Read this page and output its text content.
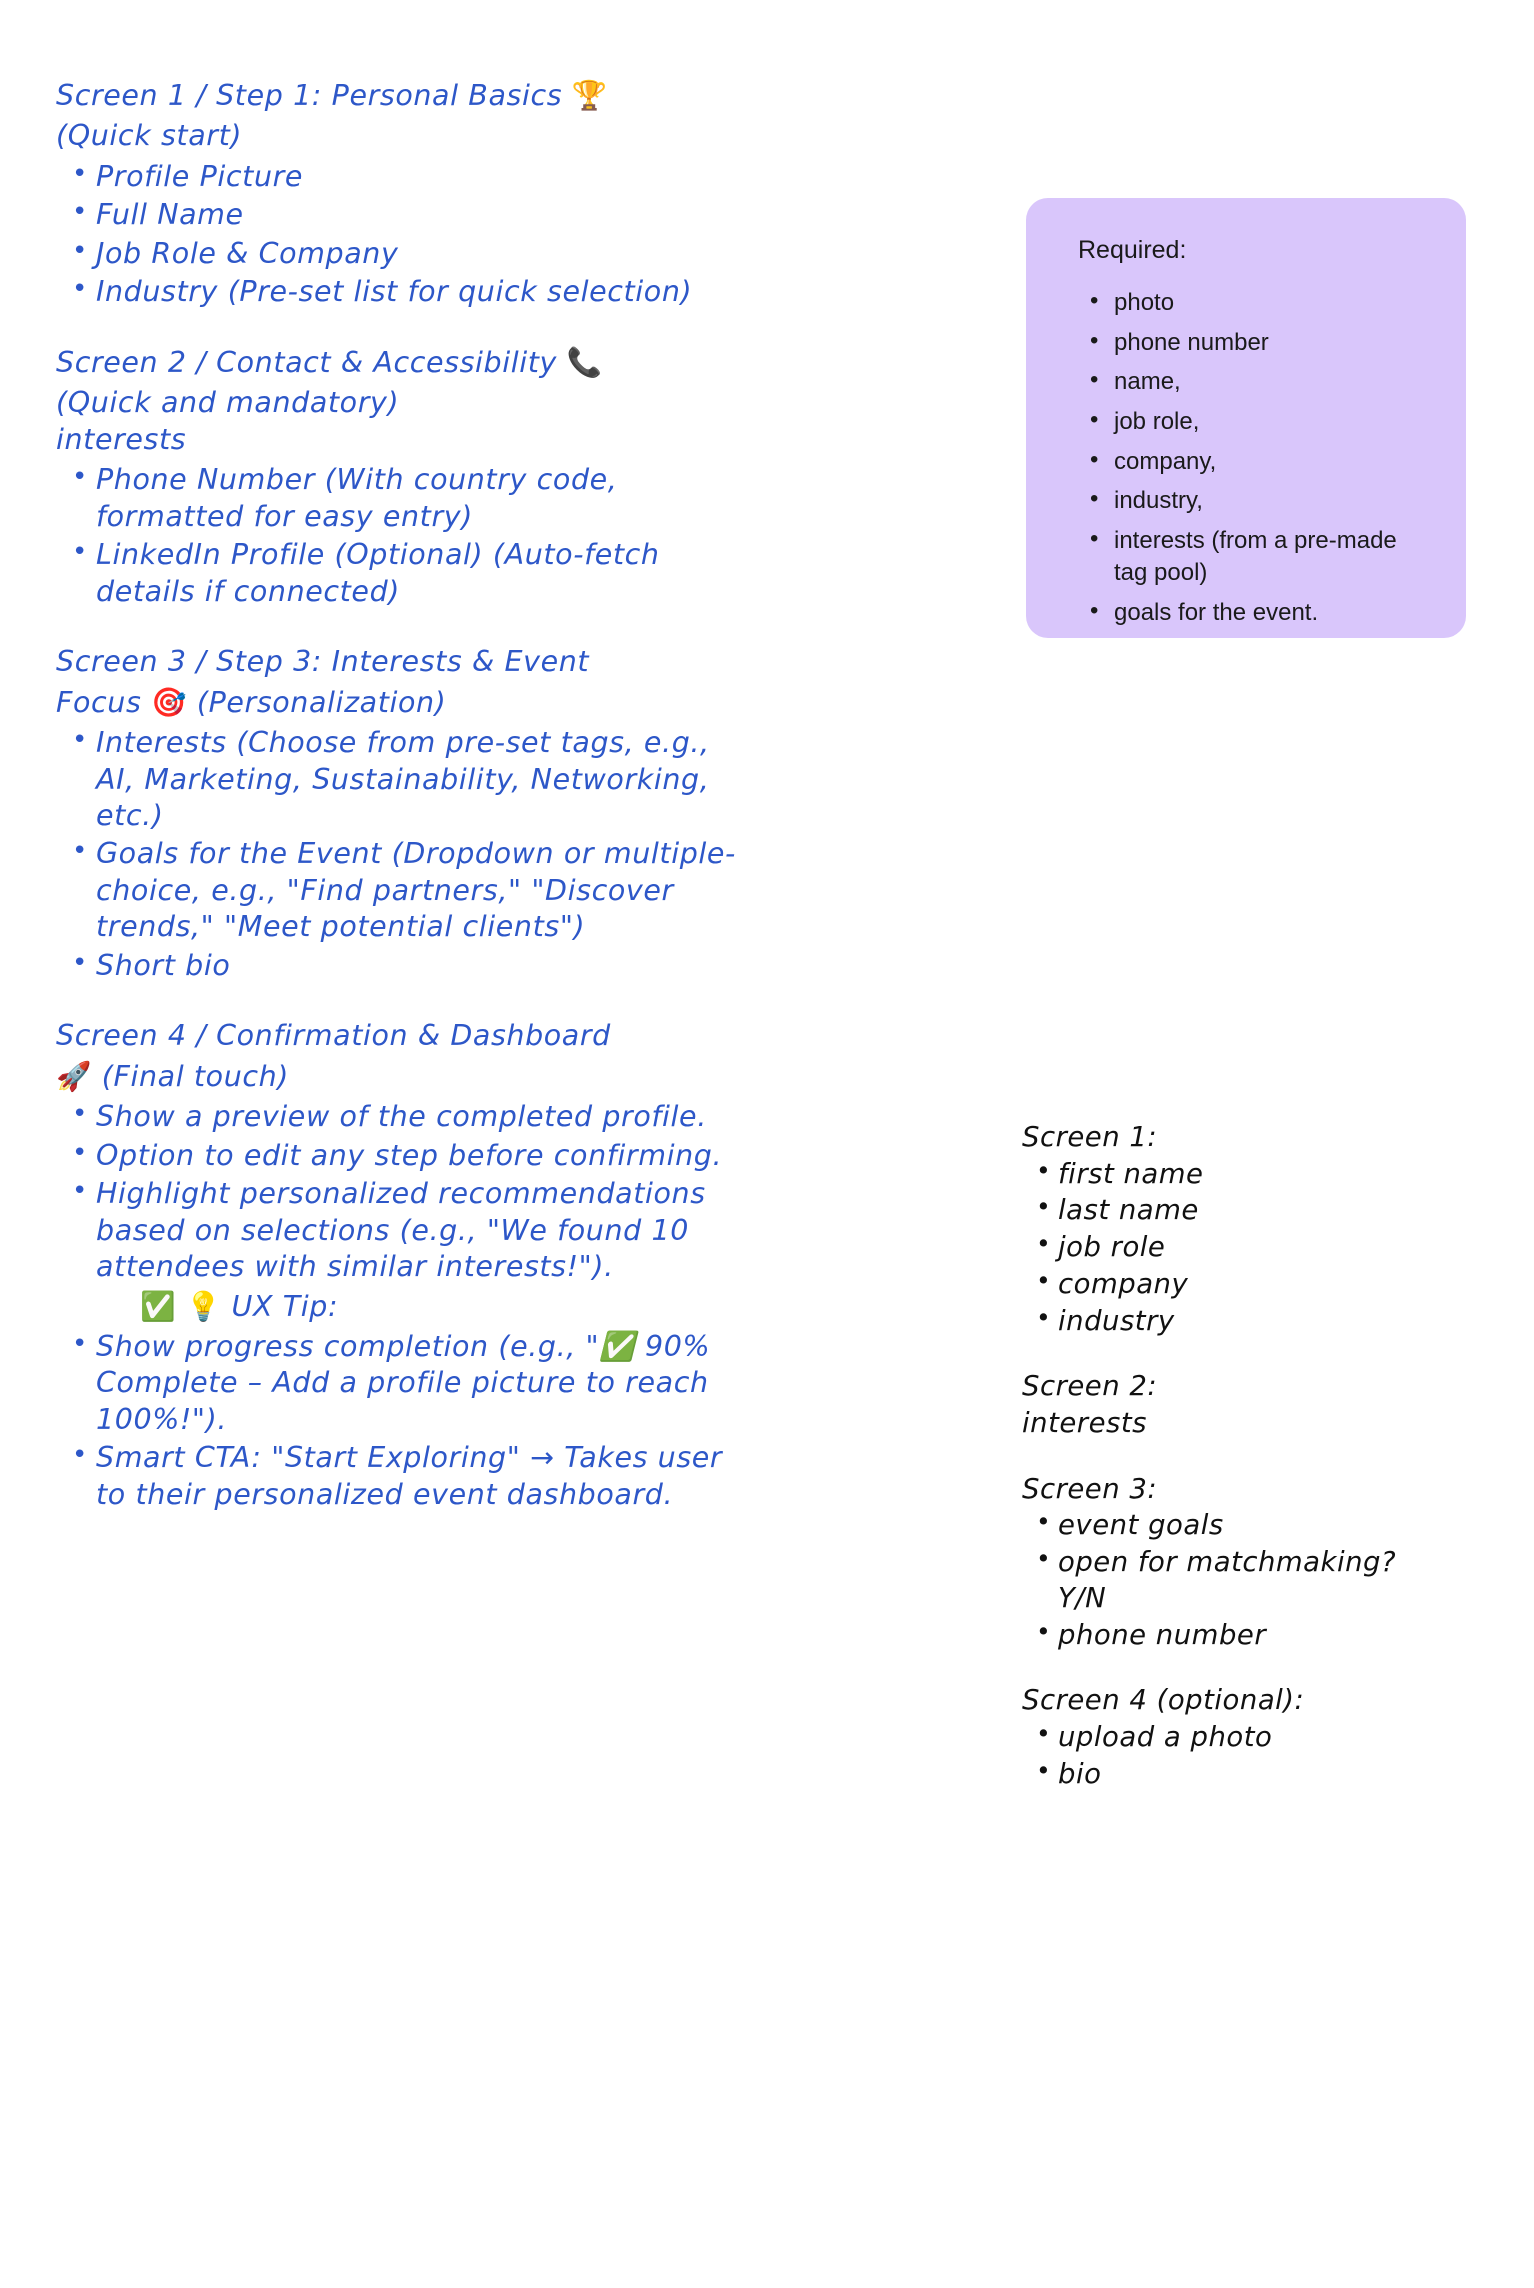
Screen 1 / Step 1: Personal Basics 🏆
(Quick start)
• Profile Picture
• Full Name
• Job Role & Company
• Industry (Pre-set list for quick selection)
Screen 2 / Contact & Accessibility 📞
(Quick and mandatory)
interests
• Phone Number (With country code, formatted for easy entry)
• LinkedIn Profile (Optional) (Auto-fetch details if connected)
Screen 3 / Step 3: Interests & Event
Focus 🎯 (Personalization)
• Interests (Choose from pre-set tags, e.g., AI, Marketing, Sustainability, Networking, etc.)
• Goals for the Event (Dropdown or multiple-choice, e.g., "Find partners," "Discover trends," "Meet potential clients")
• Short bio
Screen 4 / Confirmation & Dashboard
🚀 (Final touch)
• Show a preview of the completed profile.
• Option to edit any step before confirming.
• Highlight personalized recommendations based on selections (e.g., "We found 10 attendees with similar interests!").
✅ 💡 UX Tip:
• Show progress completion (e.g., "✅ 90% Complete – Add a profile picture to reach 100%!").
• Smart CTA: "Start Exploring" → Takes user to their personalized event dashboard.
Required:
• photo
• phone number
• name,
• job role,
• company,
• industry,
• interests (from a pre-made tag pool)
• goals for the event.
Screen 1:
• first name
• last name
• job role
• company
• industry
Screen 2:
interests
Screen 3:
• event goals
• open for matchmaking? Y/N
• phone number
Screen 4 (optional):
• upload a photo
• bio
